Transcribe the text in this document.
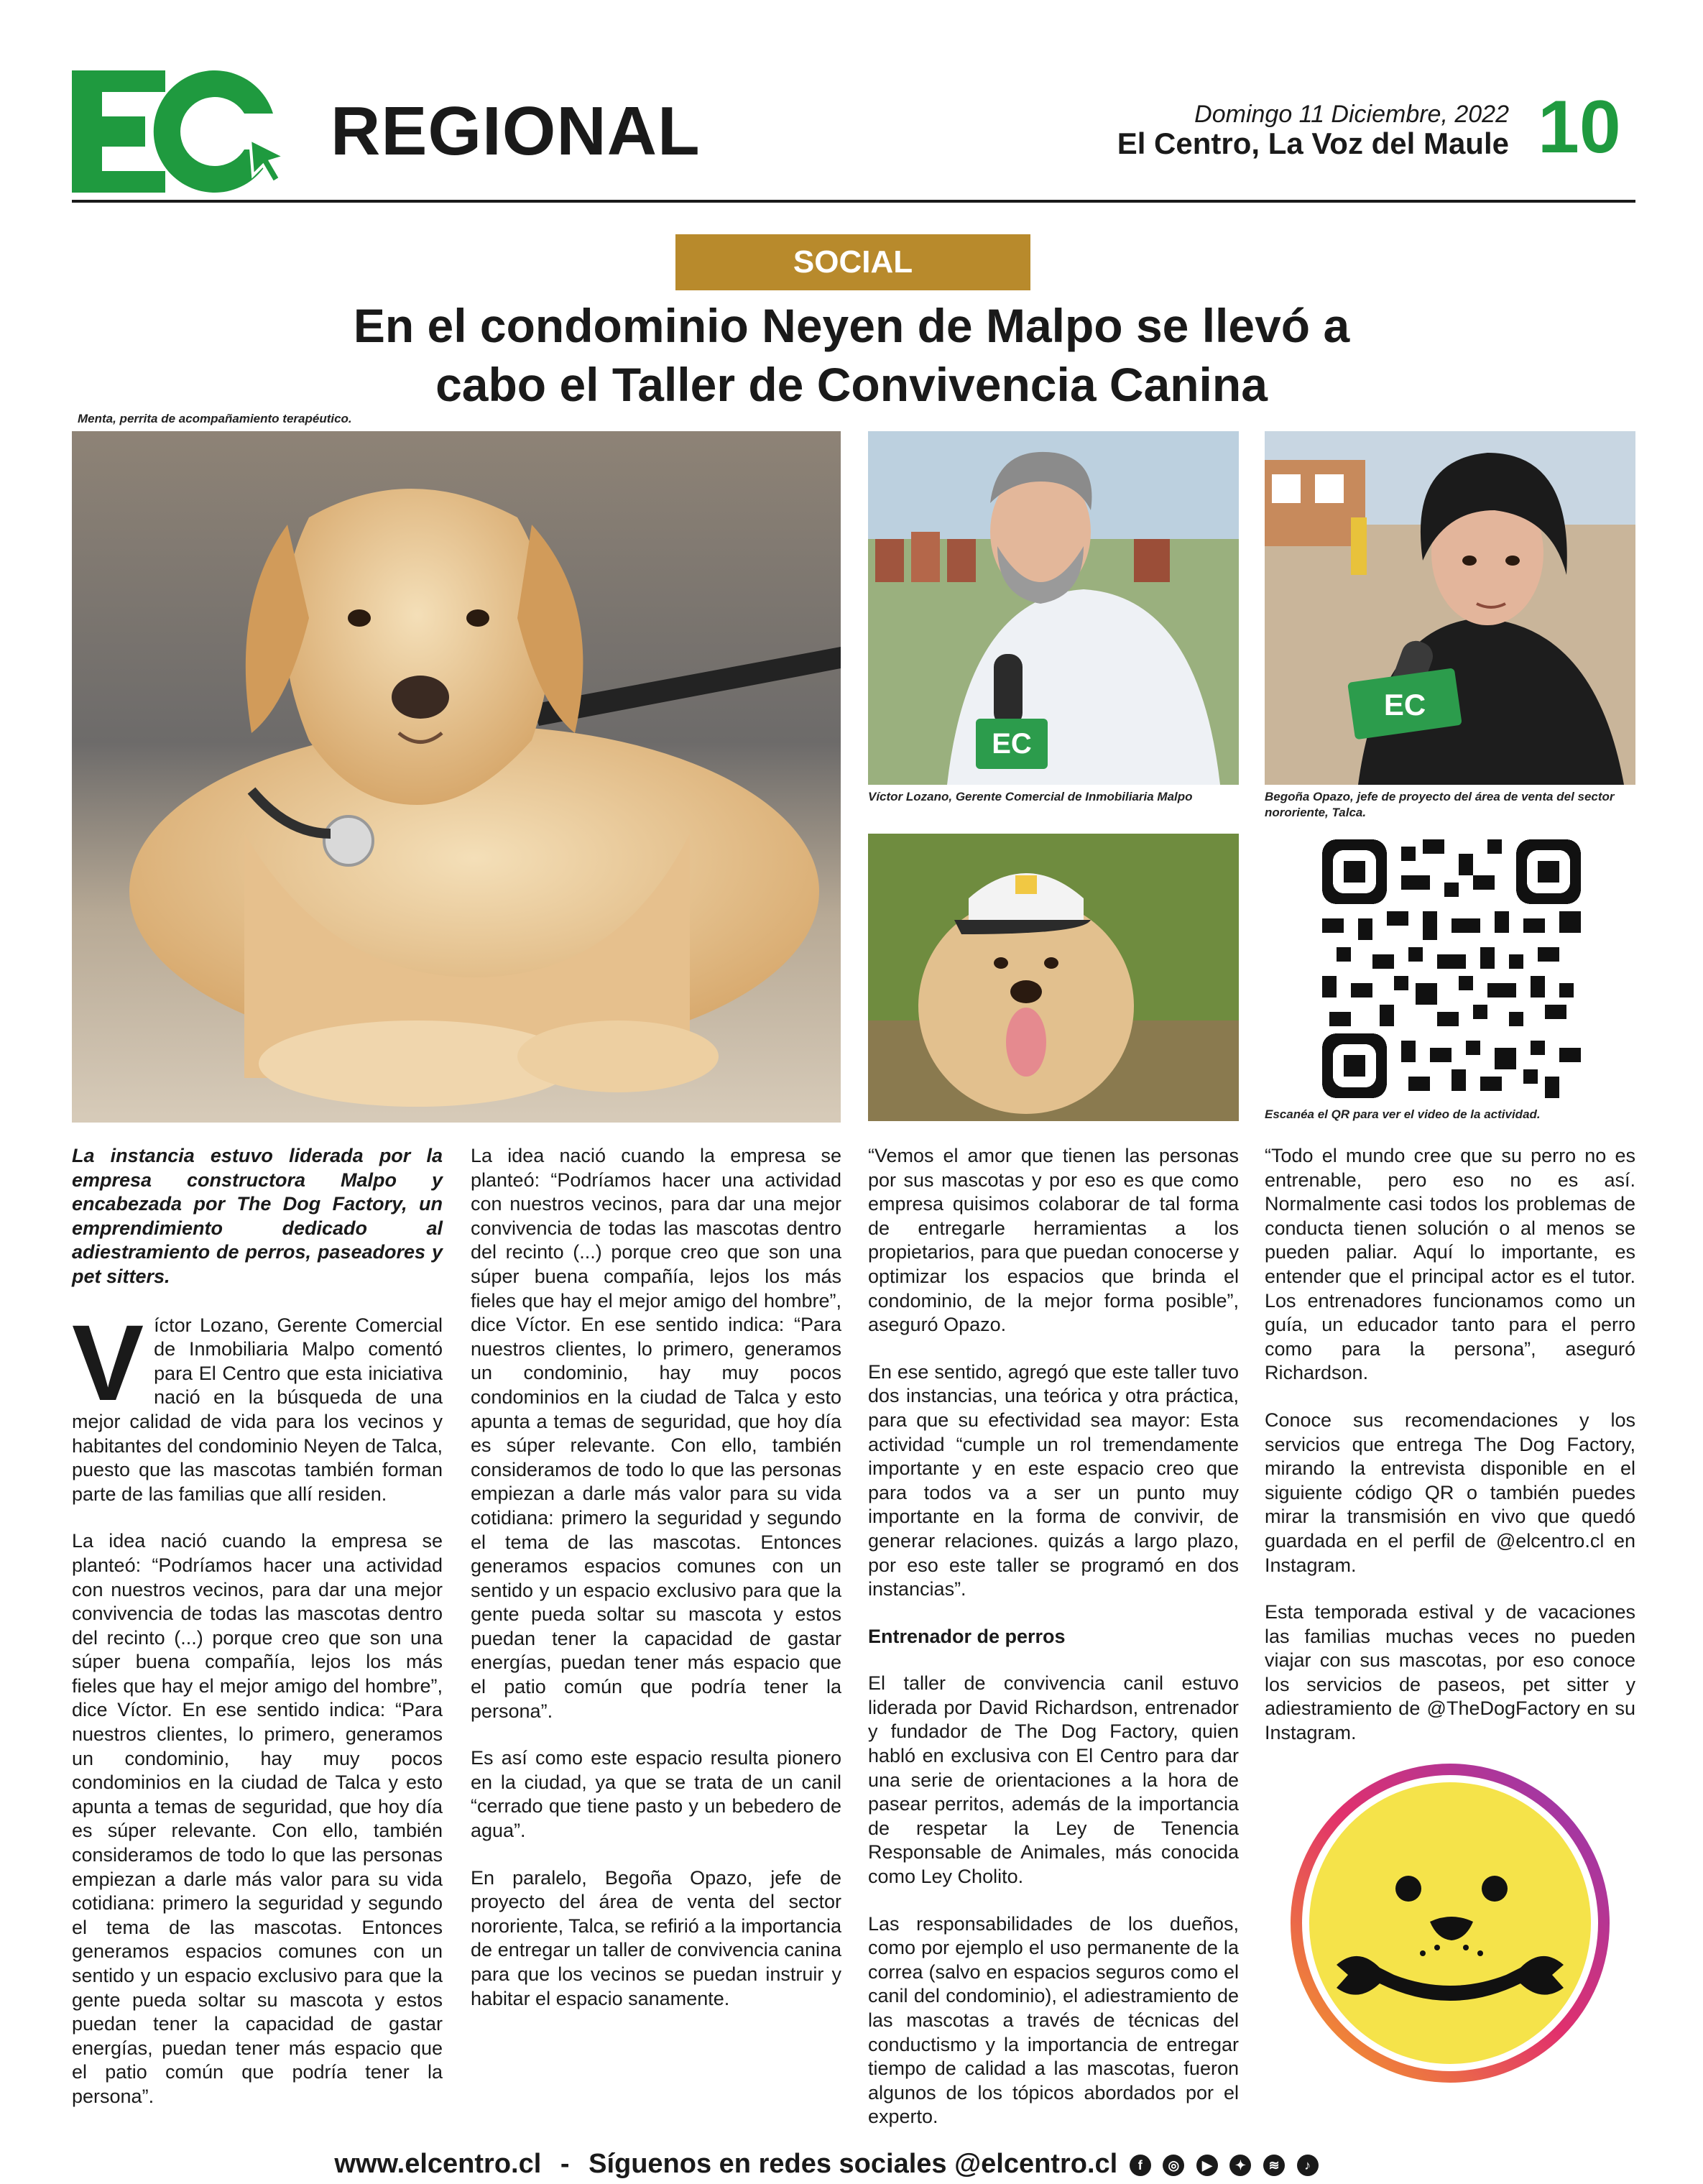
REGIONAL	Domingo 11 Diciembre, 2022
El Centro, La Voz del Maule 10
SOCIAL
En el condominio Neyen de Malpo se llevó a
cabo el Taller de Convivencia Canina
Menta, perrita de acompañamiento terapéutico.
Víctor Lozano, Gerente Comercial de Inmobiliaria Malpo	Begoña Opazo, jefe de proyecto del área de venta del sector nororiente, Talca.
Escanéa el QR para ver el video de la actividad.
EC
EC

La instancia estuvo liderada por la empresa constructora Malpo y encabezada por The Dog Factory, un emprendimiento dedicado al adiestramiento de perros, paseadores y pet sitters.

Víctor Lozano, Gerente Comercial de Inmobiliaria Malpo comentó para El Centro que esta iniciativa nació en la búsqueda de una mejor calidad de vida para los vecinos y habitantes del condominio Neyen de Talca, puesto que las mascotas también forman parte de las familias que allí residen.

La idea nació cuando la empresa se planteó: “Podríamos hacer una actividad con nuestros vecinos, para dar una mejor convivencia de todas las mascotas dentro del recinto (...) porque creo que son una súper buena compañía, lejos los más fieles que hay el mejor amigo del hombre”, dice Víctor. En ese sentido indica: “Para nuestros clientes, lo primero, generamos un condominio, hay muy pocos condominios en la ciudad de Talca y esto apunta a temas de seguridad, que hoy día es súper relevante. Con ello, también consideramos de todo lo que las personas empiezan a darle más valor para su vida cotidiana: primero la seguridad y segundo el tema de las mascotas. Entonces generamos espacios comunes con un sentido y un espacio exclusivo para que la gente pueda soltar su mascota y estos puedan tener la capacidad de gastar energías, puedan tener más espacio que el patio común que podría tener la persona”.

La idea nació cuando la empresa se planteó: “Podríamos hacer una actividad con nuestros vecinos, para dar una mejor convivencia de todas las mascotas dentro del recinto (...) porque creo que son una súper buena compañía, lejos los más fieles que hay el mejor amigo del hombre”, dice Víctor. En ese sentido indica: “Para nuestros clientes, lo primero, generamos un condominio, hay muy pocos condominios en la ciudad de Talca y esto apunta a temas de seguridad, que hoy día es súper relevante. Con ello, también consideramos de todo lo que las personas empiezan a darle más valor para su vida cotidiana: primero la seguridad y segundo el tema de las mascotas. Entonces generamos espacios comunes con un sentido y un espacio exclusivo para que la gente pueda soltar su mascota y estos puedan tener la capacidad de gastar energías, puedan tener más espacio que el patio común que podría tener la persona”.

Es así como este espacio resulta pionero en la ciudad, ya que se trata de un canil “cerrado que tiene pasto y un bebedero de agua”.

En paralelo, Begoña Opazo, jefe de proyecto del área de venta del sector nororiente, Talca, se refirió a la importancia de entregar un taller de convivencia canina para que los vecinos se puedan instruir y habitar el espacio sanamente.

“Vemos el amor que tienen las personas por sus mascotas y por eso es que como empresa quisimos colaborar de tal forma de entregarle herramientas a los propietarios, para que puedan conocerse y optimizar los espacios que brinda el condominio, de la mejor forma posible”, aseguró Opazo.

En ese sentido, agregó que este taller tuvo dos instancias, una teórica y otra práctica, para que su efectividad sea mayor: Esta actividad “cumple un rol tremendamente importante y en este espacio creo que para todos va a ser un punto muy importante en la forma de convivir, de generar relaciones. quizás a largo plazo, por eso este taller se programó en dos instancias”.

Entrenador de perros

El taller de convivencia canil estuvo liderada por David Richardson, entrenador y fundador de The Dog Factory, quien habló en exclusiva con El Centro para dar una serie de orientaciones a la hora de pasear perritos, además de la importancia de respetar la Ley de Tenencia Responsable de Animales, más conocida como Ley Cholito.

Las responsabilidades de los dueños, como por ejemplo el uso permanente de la correa (salvo en espacios seguros como el canil del condominio), el adiestramiento de las mascotas a través de técnicas del conductismo y la importancia de entregar tiempo de calidad a las mascotas, fueron algunos de los tópicos abordados por el experto.

“Todo el mundo cree que su perro no es entrenable, pero eso no es así. Normalmente casi todos los problemas de conducta tienen solución o al menos se pueden paliar. Aquí lo importante, es entender que el principal actor es el tutor. Los entrenadores funcionamos como un guía, un educador tanto para el perro como para la persona”, aseguró Richardson.

Conoce sus recomendaciones y los servicios que entrega The Dog Factory, mirando la entrevista disponible en el siguiente código QR o también puedes mirar la transmisión en vivo que quedó guardada en el perfil de @elcentro.cl en Instagram.

Esta temporada estival y de vacaciones las familias muchas veces no pueden viajar con sus mascotas, por eso conoce los servicios de paseos, pet sitter y adiestramiento de @TheDogFactory en su Instagram.

www.elcentro.cl - Síguenos en redes sociales @elcentro.cl f ◎ ▶ ✦ ≋ ♪
